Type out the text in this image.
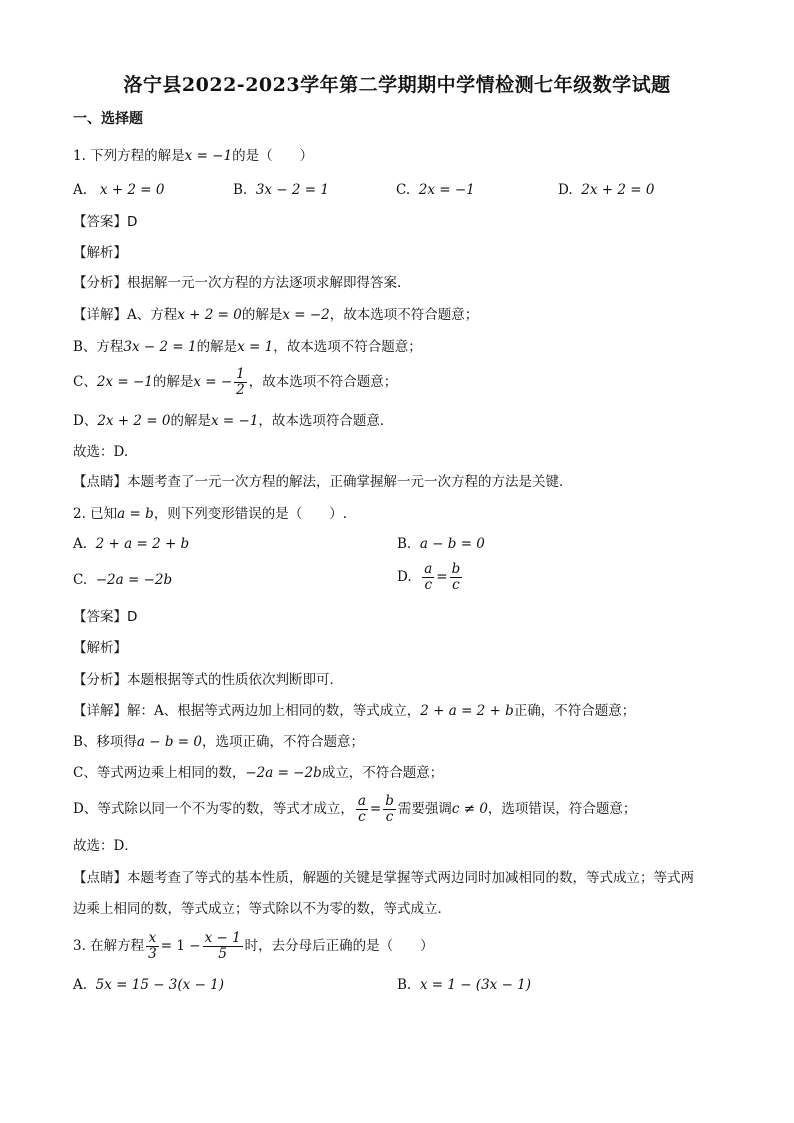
洛宁县2022-2023学年第二学期期中学情检测七年级数学试题
一、选择题
1. 下列方程的解是x = −1的是（　　）
A. x + 2 = 0	B. 3x − 2 = 1	C. 2x = −1	D. 2x + 2 = 0
【答案】D
【解析】
【分析】根据解一元一次方程的方法逐项求解即得答案.
【详解】A、方程x + 2 = 0的解是x = −2，故本选项不符合题意；
B、方程3x − 2 = 1的解是x = 1，故本选项不符合题意；
C、2x = −1的解是x = − $\frac{1}{2}$ ，故本选项不符合题意；
D、2x + 2 = 0的解是x = −1，故本选项符合题意．
故选：D.
【点睛】本题考查了一元一次方程的解法，正确掌握解一元一次方程的方法是关键．
2. 已知a = b，则下列变形错误的是（　　）.
A. 2 + a = 2 + b	B. a − b = 0
C. −2a = −2b	D. $\frac{a}{c} = \frac{b}{c}$
【答案】D
【解析】
【分析】本题根据等式的性质依次判断即可．
【详解】解：A、根据等式两边加上相同的数，等式成立，2 + a = 2 + b正确，不符合题意；
B、移项得a − b = 0，选项正确，不符合题意；
C、等式两边乘上相同的数，−2a = −2b成立，不符合题意；
D、等式除以同一个不为零的数，等式才成立， $\frac{a}{c} = \frac{b}{c}$ 需要强调c ≠ 0，选项错误，符合题意；
故选：D．
【点睛】本题考查了等式的基本性质，解题的关键是掌握等式两边同时加减相同的数，等式成立；等式两
边乘上相同的数，等式成立；等式除以不为零的数，等式成立．
3. 在解方程 $\frac{x}{3} = 1 - \frac{x - 1}{5}$ 时，去分母后正确的是（　　）
A. 5x = 15 − 3(x − 1)	B. x = 1 − (3x − 1)
